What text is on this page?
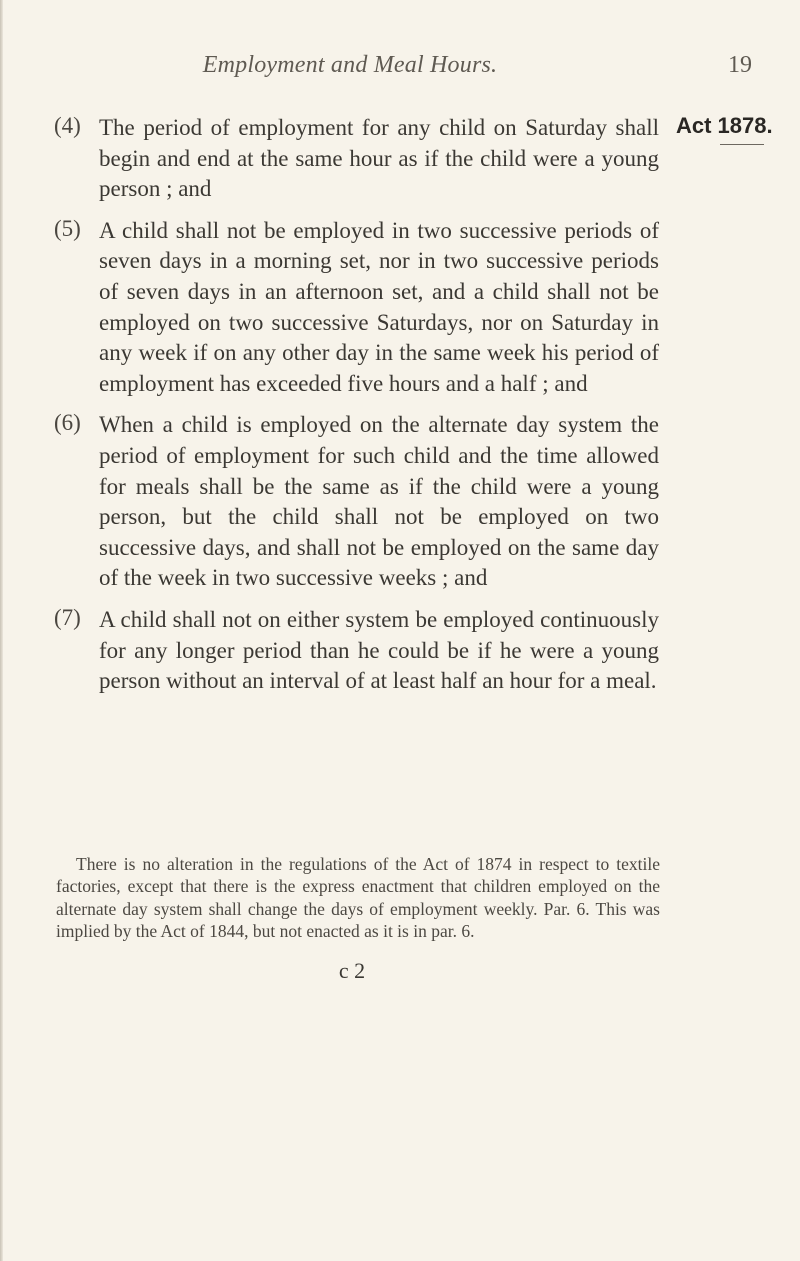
Employment and Meal Hours.	19
Act 1878.
(4) The period of employment for any child on Saturday shall begin and end at the same hour as if the child were a young person ; and
(5) A child shall not be employed in two successive periods of seven days in a morning set, nor in two successive periods of seven days in an afternoon set, and a child shall not be employed on two successive Saturdays, nor on Saturday in any week if on any other day in the same week his period of employment has exceeded five hours and a half ; and
(6) When a child is employed on the alternate day system the period of employment for such child and the time allowed for meals shall be the same as if the child were a young person, but the child shall not be employed on two successive days, and shall not be employed on the same day of the week in two successive weeks ; and
(7) A child shall not on either system be employed continuously for any longer period than he could be if he were a young person without an interval of at least half an hour for a meal.
There is no alteration in the regulations of the Act of 1874 in respect to textile factories, except that there is the express enactment that children employed on the alternate day system shall change the days of employment weekly. Par. 6. This was implied by the Act of 1844, but not enacted as it is in par. 6.
c 2
